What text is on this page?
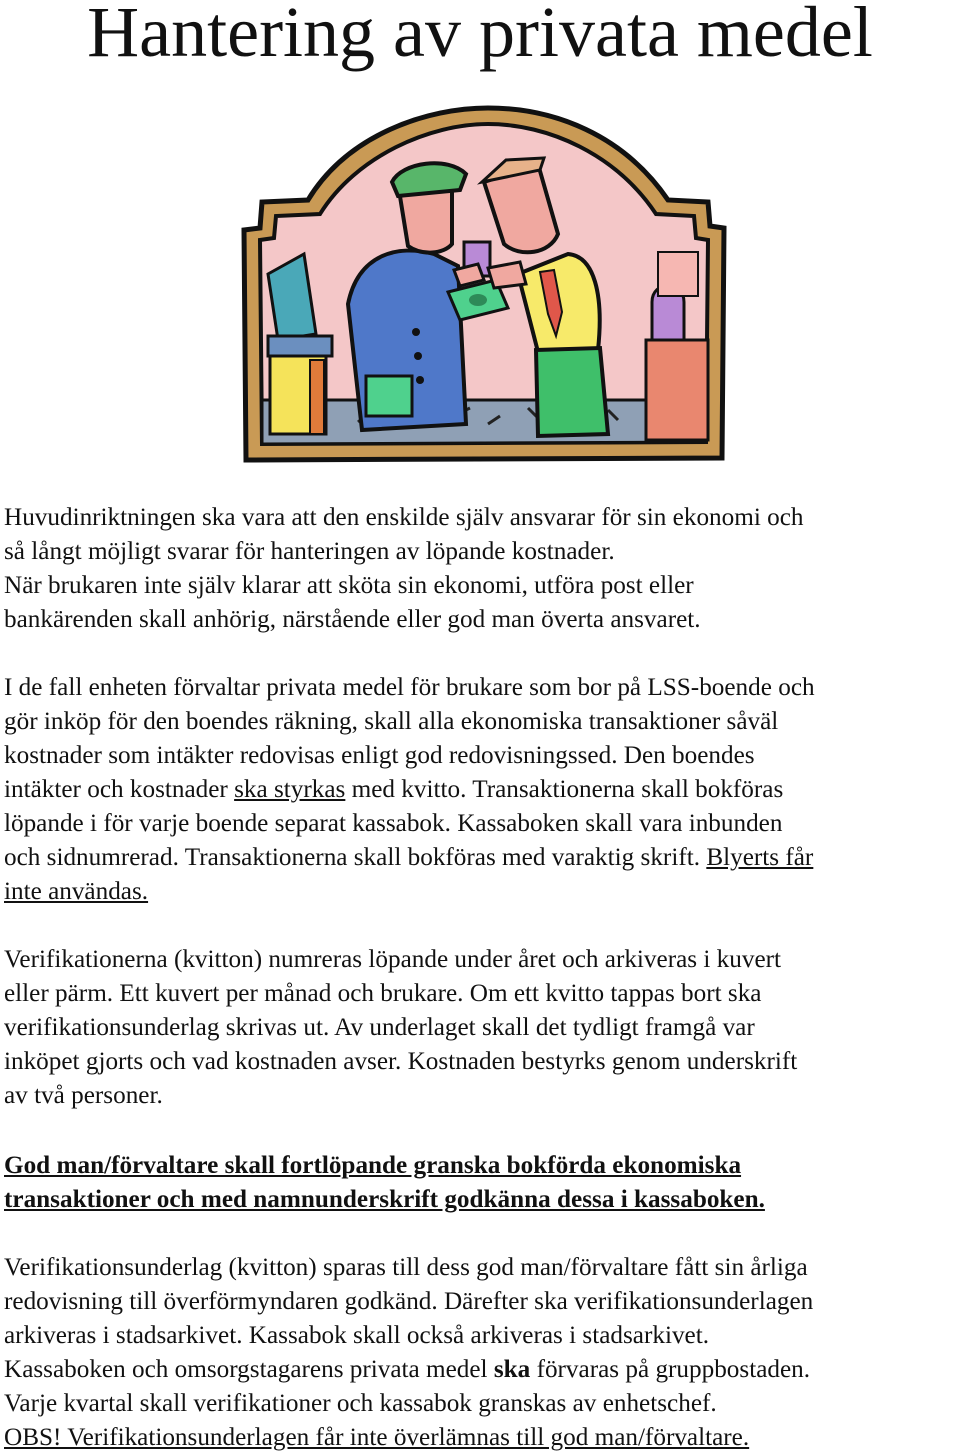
Hantering av privata medel

Huvudinriktningen ska vara att den enskilde själv ansvarar för sin ekonomi och

så långt möjligt svarar för hanteringen av löpande kostnader.

När brukaren inte själv klarar att sköta sin ekonomi, utföra post eller

bankärenden skall anhörig, närstående eller god man överta ansvaret.

I de fall enheten förvaltar privata medel för brukare som bor på LSS-boende och

gör inköp för den boendes räkning, skall alla ekonomiska transaktioner såväl

kostnader som intäkter redovisas enligt god redovisningssed. Den boendes

intäkter och kostnader ska styrkas med kvitto. Transaktionerna skall bokföras

löpande i för varje boende separat kassabok. Kassaboken skall vara inbunden

och sidnumrerad. Transaktionerna skall bokföras med varaktig skrift. Blyerts får

inte användas.

Verifikationerna (kvitton) numreras löpande under året och arkiveras i kuvert

eller pärm. Ett kuvert per månad och brukare. Om ett kvitto tappas bort ska

verifikationsunderlag skrivas ut. Av underlaget skall det tydligt framgå var

inköpet gjorts och vad kostnaden avser. Kostnaden bestyrks genom underskrift

av två personer.

God man/förvaltare skall fortlöpande granska bokförda ekonomiska

transaktioner och med namnunderskrift godkänna dessa i kassaboken.

Verifikationsunderlag (kvitton) sparas till dess god man/förvaltare fått sin årliga

redovisning till överförmyndaren godkänd. Därefter ska verifikationsunderlagen

arkiveras i stadsarkivet. Kassabok skall också arkiveras i stadsarkivet.

Kassaboken och omsorgstagarens privata medel ska förvaras på gruppbostaden.

Varje kvartal skall verifikationer och kassabok granskas av enhetschef.

OBS! Verifikationsunderlagen får inte överlämnas till god man/förvaltare.
